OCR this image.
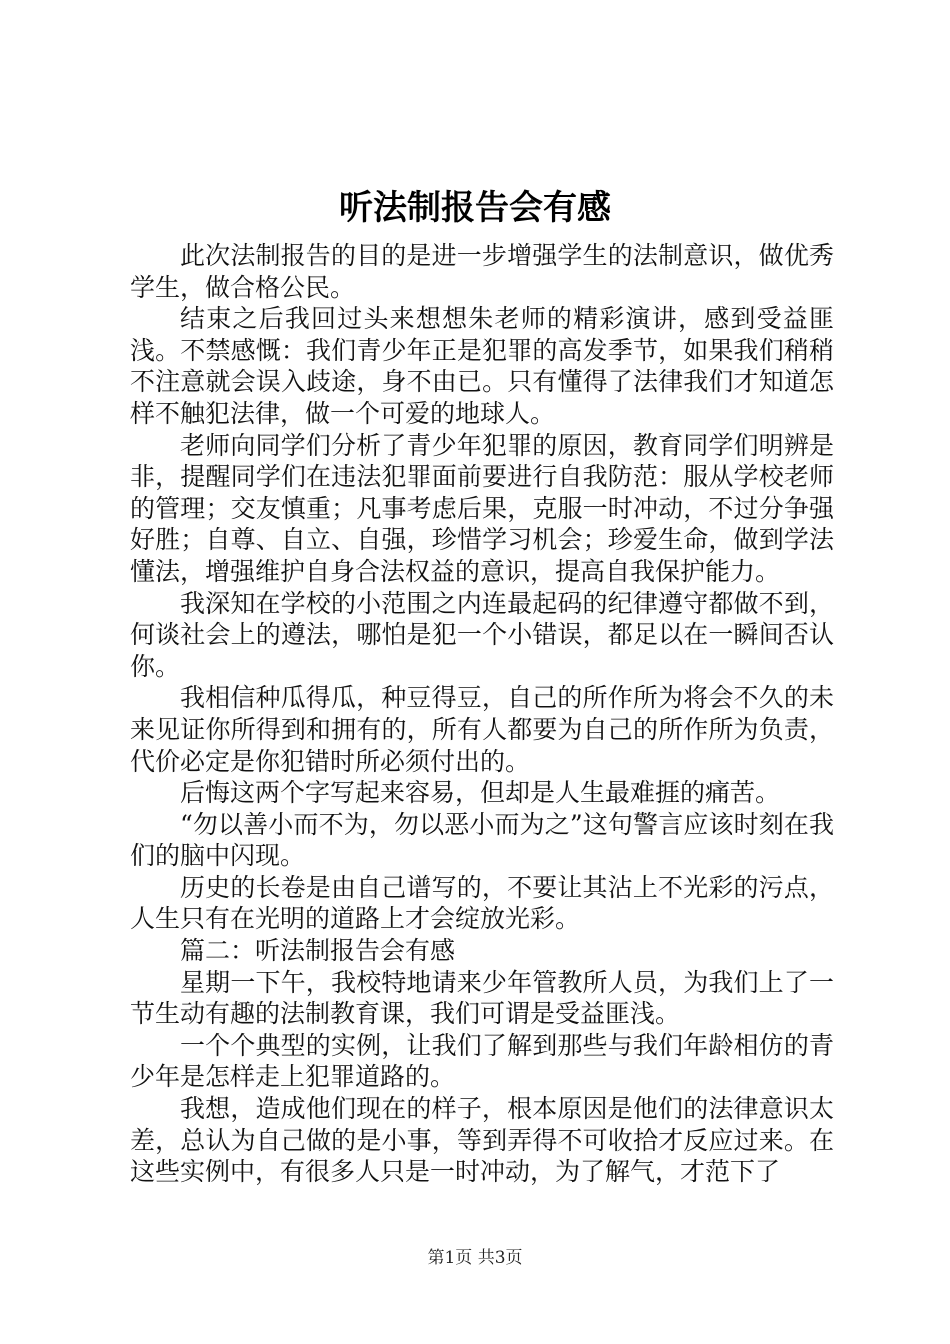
听法制报告会有感

此次法制报告的目的是进一步增强学生的法制意识，做优秀学生，做合格公民。

结束之后我回过头来想想朱老师的精彩演讲，感到受益匪浅。不禁感慨：我们青少年正是犯罪的高发季节，如果我们稍稍不注意就会误入歧途，身不由已。只有懂得了法律我们才知道怎样不触犯法律，做一个可爱的地球人。

老师向同学们分析了青少年犯罪的原因，教育同学们明辨是非，提醒同学们在违法犯罪面前要进行自我防范：服从学校老师的管理；交友慎重；凡事考虑后果，克服一时冲动，不过分争强好胜；自尊、自立、自强，珍惜学习机会；珍爱生命，做到学法懂法，增强维护自身合法权益的意识，提高自我保护能力。

我深知在学校的小范围之内连最起码的纪律遵守都做不到，何谈社会上的遵法，哪怕是犯一个小错误，都足以在一瞬间否认你。

我相信种瓜得瓜，种豆得豆，自己的所作所为将会不久的未来见证你所得到和拥有的，所有人都要为自己的所作所为负责，代价必定是你犯错时所必须付出的。

后悔这两个字写起来容易，但却是人生最难捱的痛苦。

“勿以善小而不为，勿以恶小而为之”这句警言应该时刻在我们的脑中闪现。

历史的长卷是由自己谱写的，不要让其沾上不光彩的污点，人生只有在光明的道路上才会绽放光彩。

篇二：听法制报告会有感

星期一下午，我校特地请来少年管教所人员，为我们上了一节生动有趣的法制教育课，我们可谓是受益匪浅。

一个个典型的实例，让我们了解到那些与我们年龄相仿的青少年是怎样走上犯罪道路的。

我想，造成他们现在的样子，根本原因是他们的法律意识太差，总认为自己做的是小事，等到弄得不可收拾才反应过来。在这些实例中，有很多人只是一时冲动，为了解气，才范下了

第1页 共3页
